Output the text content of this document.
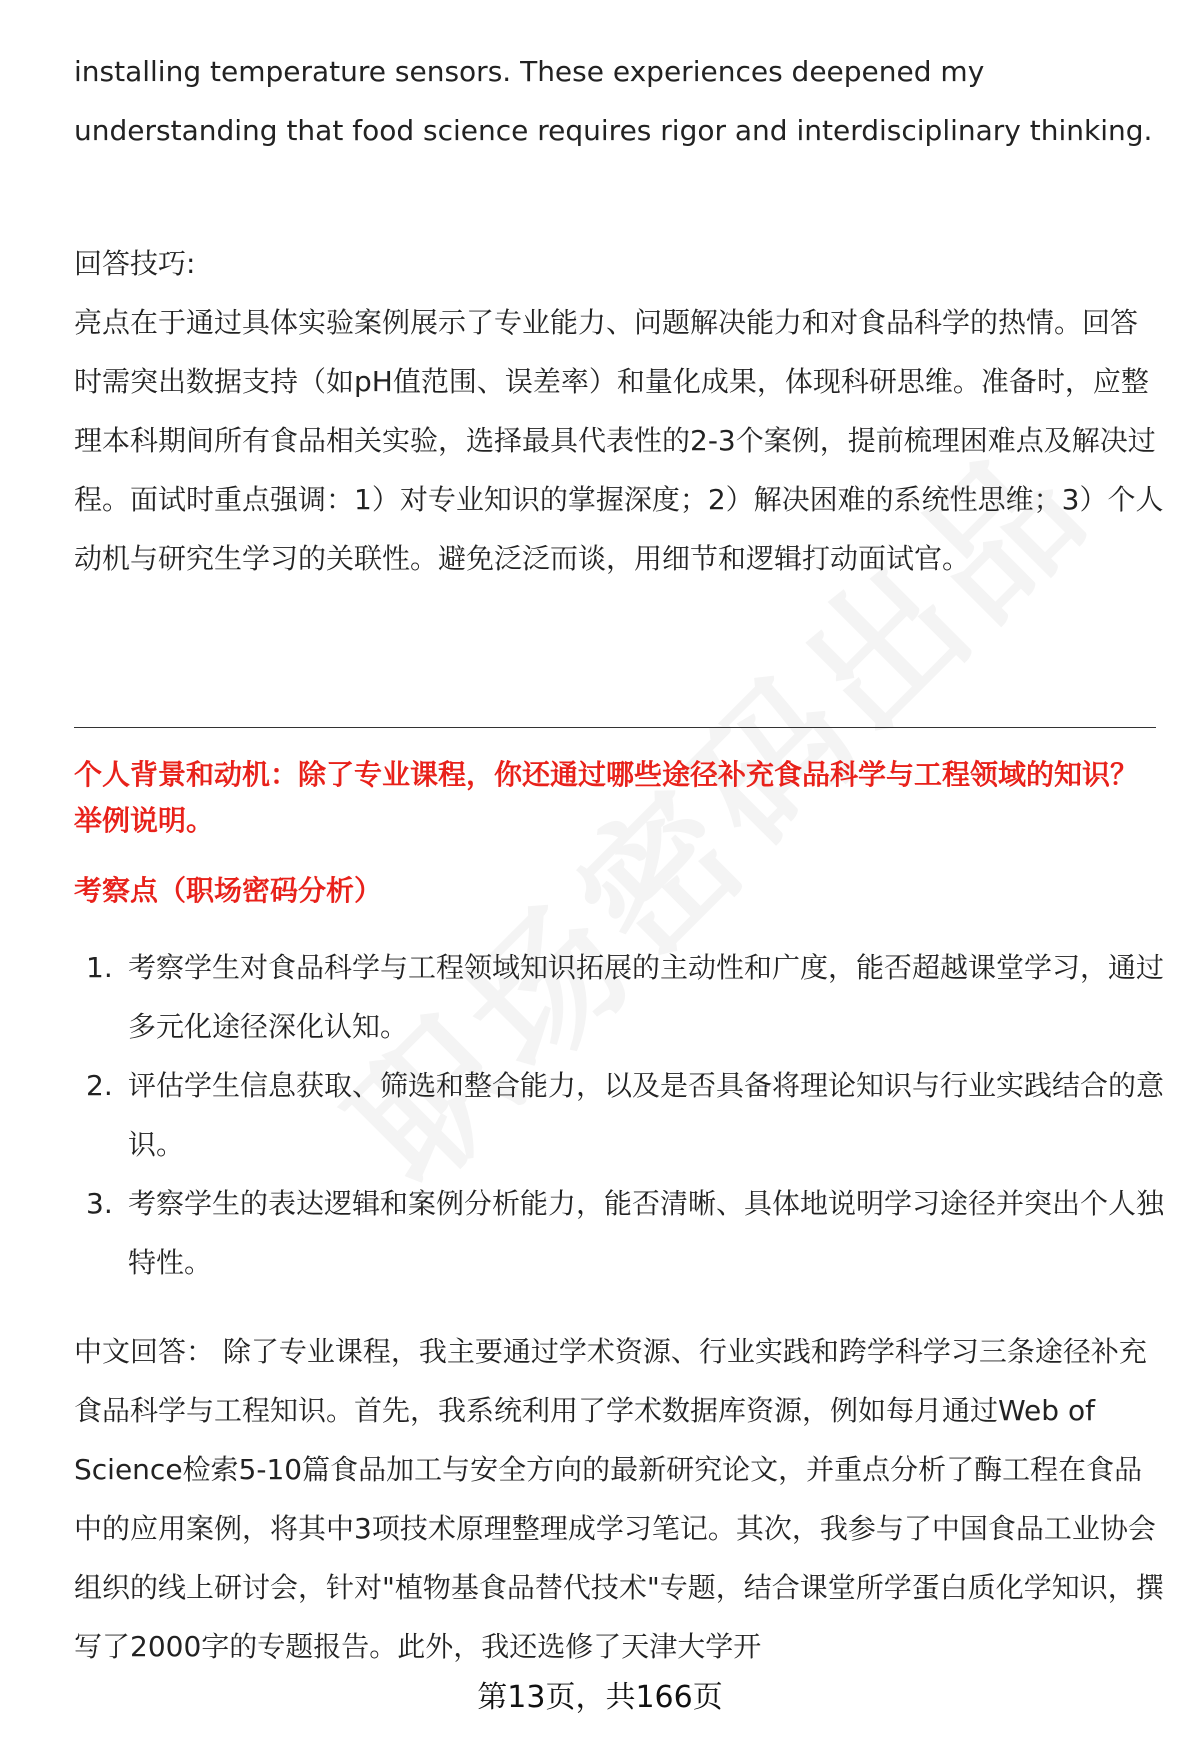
installing temperature sensors. These experiences deepened my understanding that food science requires rigor and interdisciplinary thinking.

回答技巧:

亮点在于通过具体实验案例展示了专业能力、问题解决能力和对食品科学的热情。回答时需突出数据支持（如pH值范围、误差率）和量化成果，体现科研思维。准备时，应整理本科期间所有食品相关实验，选择最具代表性的2-3个案例，提前梳理困难点及解决过程。面试时重点强调：1）对专业知识的掌握深度；2）解决困难的系统性思维；3）个人动机与研究生学习的关联性。避免泛泛而谈，用细节和逻辑打动面试官。

个人背景和动机：除了专业课程，你还通过哪些途径补充食品科学与工程领域的知识？举例说明。

考察点（职场密码分析）

1. 考察学生对食品科学与工程领域知识拓展的主动性和广度，能否超越课堂学习，通过多元化途径深化认知。
2. 评估学生信息获取、筛选和整合能力，以及是否具备将理论知识与行业实践结合的意识。
3. 考察学生的表达逻辑和案例分析能力，能否清晰、具体地说明学习途径并突出个人独特性。

中文回答： 除了专业课程，我主要通过学术资源、行业实践和跨学科学习三条途径补充食品科学与工程知识。首先，我系统利用了学术数据库资源，例如每月通过Web of Science检索5-10篇食品加工与安全方向的最新研究论文，并重点分析了酶工程在食品中的应用案例，将其中3项技术原理整理成学习笔记。其次，我参与了中国食品工业协会组织的线上研讨会，针对"植物基食品替代技术"专题，结合课堂所学蛋白质化学知识，撰写了2000字的专题报告。此外，我还选修了天津大学开

第13页，共166页
